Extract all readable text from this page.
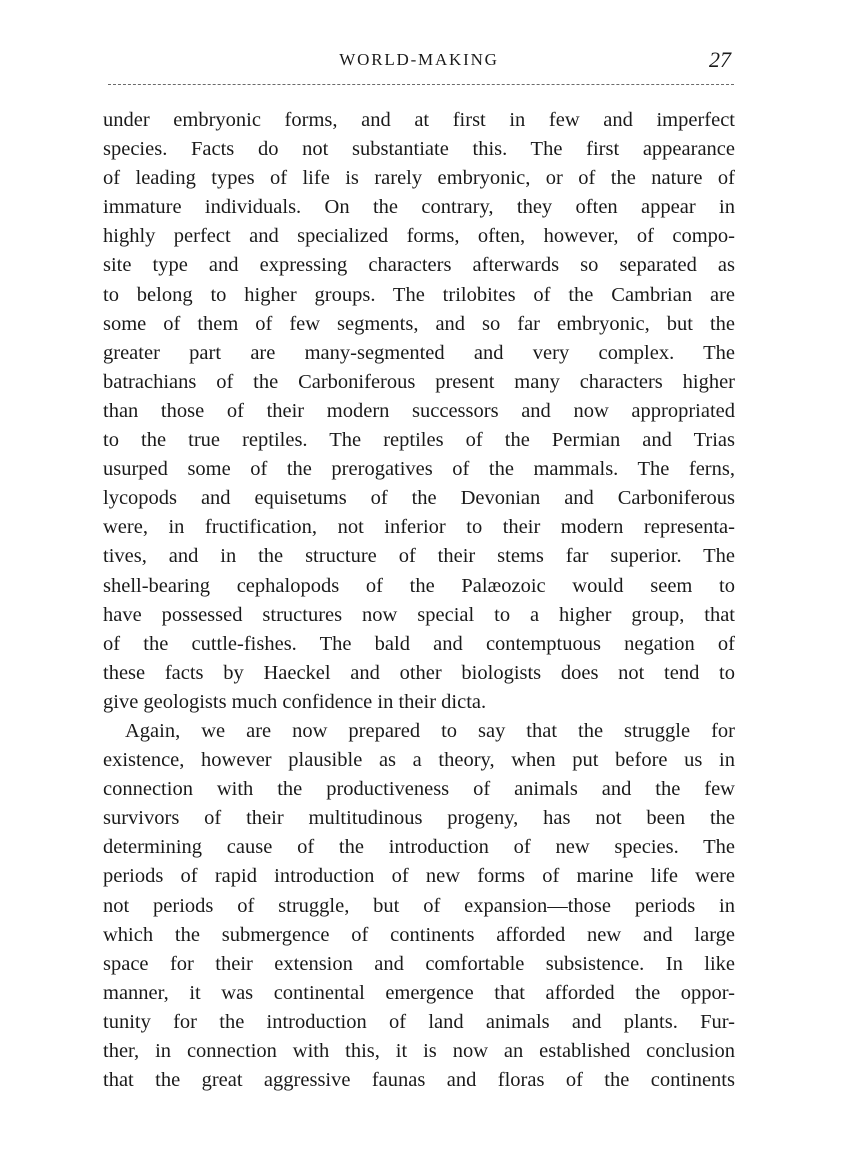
WORLD-MAKING	27
under embryonic forms, and at first in few and imperfect
species. Facts do not substantiate this. The first appearance
of leading types of life is rarely embryonic, or of the nature of
immature individuals. On the contrary, they often appear in
highly perfect and specialized forms, often, however, of compo-
site type and expressing characters afterwards so separated as
to belong to higher groups. The trilobites of the Cambrian are
some of them of few segments, and so far embryonic, but the
greater part are many-segmented and very complex. The
batrachians of the Carboniferous present many characters higher
than those of their modern successors and now appropriated
to the true reptiles. The reptiles of the Permian and Trias
usurped some of the prerogatives of the mammals. The ferns,
lycopods and equisetums of the Devonian and Carboniferous
were, in fructification, not inferior to their modern representa-
tives, and in the structure of their stems far superior. The
shell-bearing cephalopods of the Palæozoic would seem to
have possessed structures now special to a higher group, that
of the cuttle-fishes. The bald and contemptuous negation of
these facts by Haeckel and other biologists does not tend to
give geologists much confidence in their dicta.
Again, we are now prepared to say that the struggle for
existence, however plausible as a theory, when put before us in
connection with the productiveness of animals and the few
survivors of their multitudinous progeny, has not been the
determining cause of the introduction of new species. The
periods of rapid introduction of new forms of marine life were
not periods of struggle, but of expansion—those periods in
which the submergence of continents afforded new and large
space for their extension and comfortable subsistence. In like
manner, it was continental emergence that afforded the oppor-
tunity for the introduction of land animals and plants. Fur-
ther, in connection with this, it is now an established conclusion
that the great aggressive faunas and floras of the continents
